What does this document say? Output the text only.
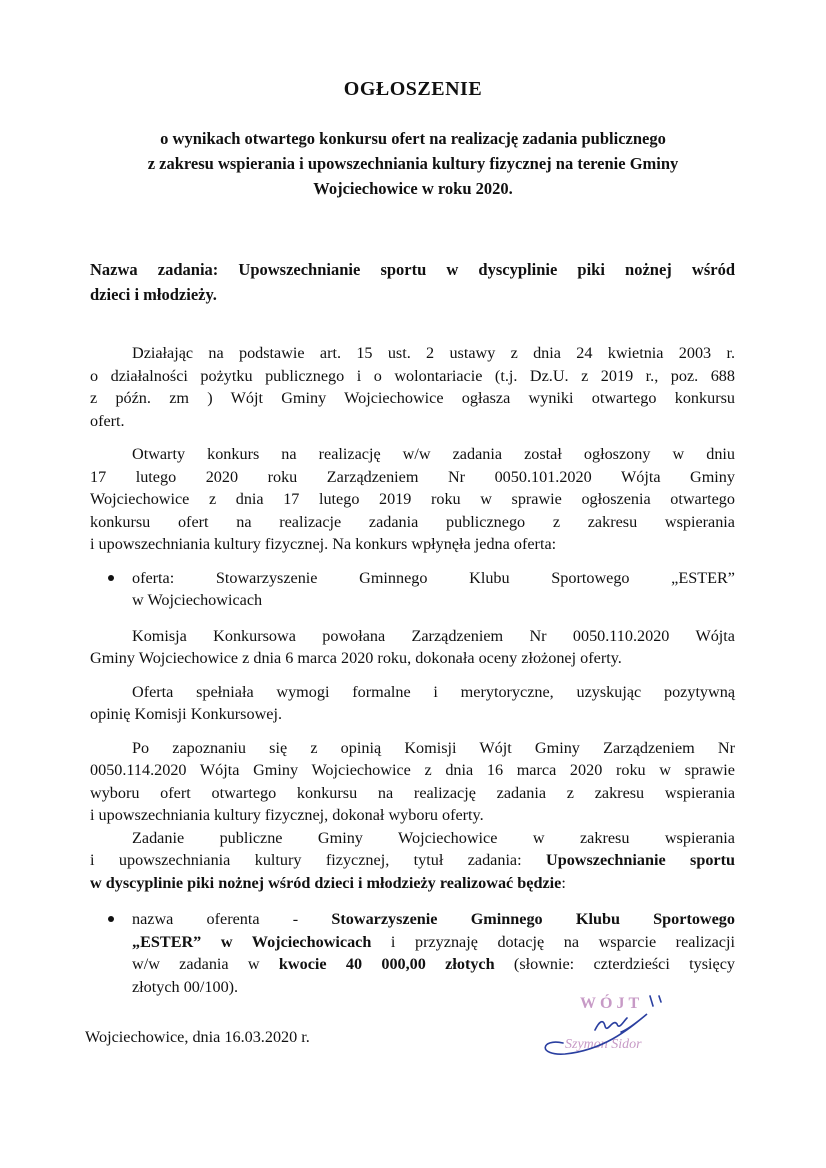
OGŁOSZENIE
o wynikach otwartego konkursu ofert na realizację zadania publicznego
z zakresu wspierania i upowszechniania kultury fizycznej na terenie Gminy
Wojciechowice w roku 2020.
Nazwa zadania: Upowszechnianie sportu w dyscyplinie piki nożnej wśród
dzieci i młodzieży.
Działając na podstawie art. 15 ust. 2 ustawy z dnia 24 kwietnia 2003 r.
o działalności pożytku publicznego i o wolontariacie (t.j. Dz.U. z 2019 r., poz. 688
z późn. zm ) Wójt Gminy Wojciechowice ogłasza wyniki otwartego konkursu
ofert.
Otwarty konkurs na realizację w/w zadania został ogłoszony w dniu
17 lutego 2020 roku Zarządzeniem Nr 0050.101.2020 Wójta Gminy
Wojciechowice z dnia 17 lutego 2019 roku w sprawie ogłoszenia otwartego
konkursu ofert na realizacje zadania publicznego z zakresu wspierania
i upowszechniania kultury fizycznej. Na konkurs wpłynęła jedna oferta:
oferta: Stowarzyszenie Gminnego Klubu Sportowego „ESTER”
w Wojciechowicach
Komisja Konkursowa powołana Zarządzeniem Nr 0050.110.2020 Wójta
Gminy Wojciechowice z dnia 6 marca 2020 roku, dokonała oceny złożonej oferty.
Oferta spełniała wymogi formalne i merytoryczne, uzyskując pozytywną
opinię Komisji Konkursowej.
Po zapoznaniu się z opinią Komisji Wójt Gminy Zarządzeniem Nr
0050.114.2020 Wójta Gminy Wojciechowice z dnia 16 marca 2020 roku w sprawie
wyboru ofert otwartego konkursu na realizację zadania z zakresu wspierania
i upowszechniania kultury fizycznej, dokonał wyboru oferty.
Zadanie publiczne Gminy Wojciechowice w zakresu wspierania
i upowszechniania kultury fizycznej, tytuł zadania: Upowszechnianie sportu
w dyscyplinie piki nożnej wśród dzieci i młodzieży realizować będzie:
nazwa oferenta - Stowarzyszenie Gminnego Klubu Sportowego
„ESTER” w Wojciechowicach i przyznaję dotację na wsparcie realizacji
w/w zadania w kwocie 40 000,00 złotych (słownie: czterdzieści tysięcy
złotych 00/100).
Wojciechowice, dnia 16.03.2020 r.
WÓJT
Szymon Sidor
